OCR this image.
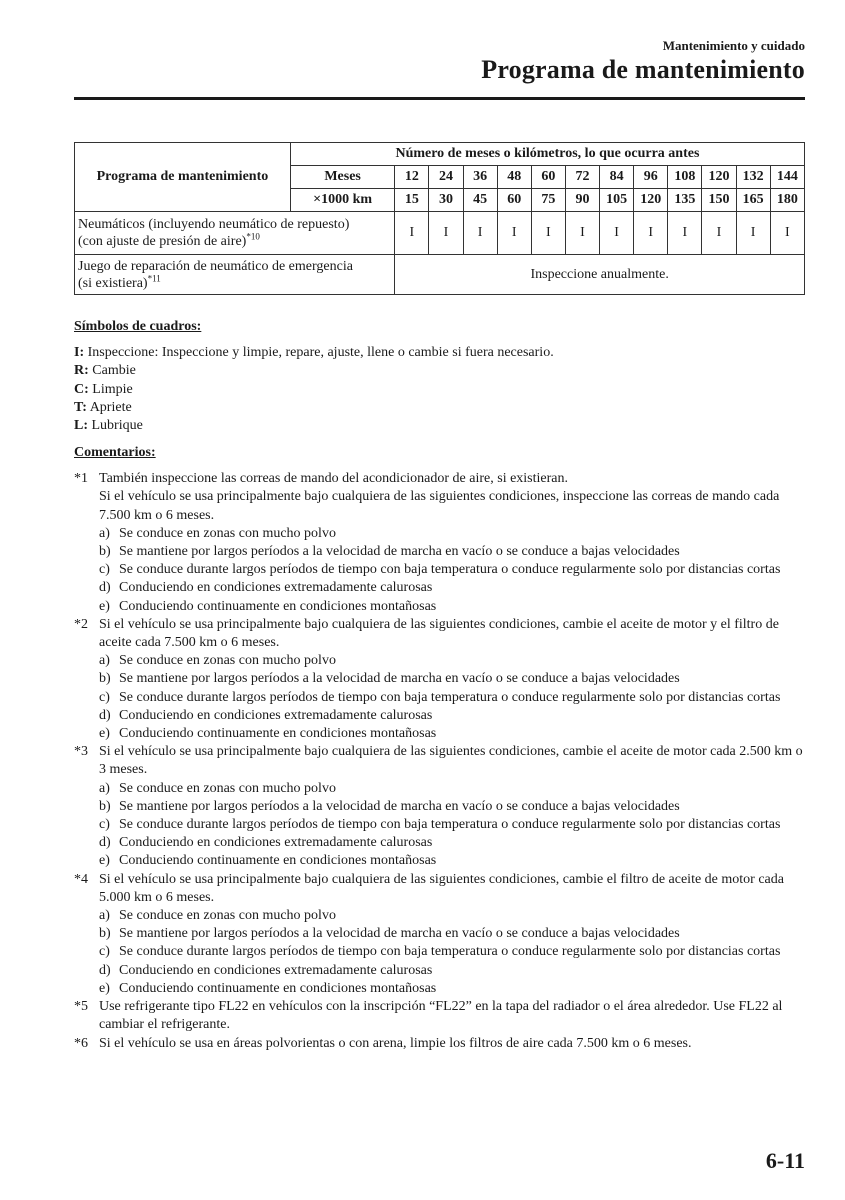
Mantenimiento y cuidado
Programa de mantenimiento
Programa de mantenimiento	Número de meses o kilómetros, lo que ocurra antes												
	Meses	12	24	36	48	60	72	84	96	108	120	132	144
	×1000 km	15	30	45	60	75	90	105	120	135	150	165	180
Neumáticos (incluyendo neumático de repuesto)
(con ajuste de presión de aire)$^{*10}$		I	I	I	I	I	I	I	I	I	I	I	I
Juego de reparación de neumático de emergencia
(si existiera)$^{*11}$		Inspeccione anualmente.											
Símbolos de cuadros:
I: Inspeccione: Inspeccione y limpie, repare, ajuste, llene o cambie si fuera necesario.
R: Cambie
C: Limpie
T: Apriete
L: Lubrique
Comentarios:
*1 También inspeccione las correas de mando del acondicionador de aire, si existieran.
Si el vehículo se usa principalmente bajo cualquiera de las siguientes condiciones, inspeccione las correas de mando cada 7.500 km o 6 meses.
a) Se conduce en zonas con mucho polvo
b) Se mantiene por largos períodos a la velocidad de marcha en vacío o se conduce a bajas velocidades
c) Se conduce durante largos períodos de tiempo con baja temperatura o conduce regularmente solo por distancias cortas
d) Conduciendo en condiciones extremadamente calurosas
e) Conduciendo continuamente en condiciones montañosas
*2 Si el vehículo se usa principalmente bajo cualquiera de las siguientes condiciones, cambie el aceite de motor y el filtro de aceite cada 7.500 km o 6 meses.
a) Se conduce en zonas con mucho polvo
b) Se mantiene por largos períodos a la velocidad de marcha en vacío o se conduce a bajas velocidades
c) Se conduce durante largos períodos de tiempo con baja temperatura o conduce regularmente solo por distancias cortas
d) Conduciendo en condiciones extremadamente calurosas
e) Conduciendo continuamente en condiciones montañosas
*3 Si el vehículo se usa principalmente bajo cualquiera de las siguientes condiciones, cambie el aceite de motor cada 2.500 km o 3 meses.
a) Se conduce en zonas con mucho polvo
b) Se mantiene por largos períodos a la velocidad de marcha en vacío o se conduce a bajas velocidades
c) Se conduce durante largos períodos de tiempo con baja temperatura o conduce regularmente solo por distancias cortas
d) Conduciendo en condiciones extremadamente calurosas
e) Conduciendo continuamente en condiciones montañosas
*4 Si el vehículo se usa principalmente bajo cualquiera de las siguientes condiciones, cambie el filtro de aceite de motor cada 5.000 km o 6 meses.
a) Se conduce en zonas con mucho polvo
b) Se mantiene por largos períodos a la velocidad de marcha en vacío o se conduce a bajas velocidades
c) Se conduce durante largos períodos de tiempo con baja temperatura o conduce regularmente solo por distancias cortas
d) Conduciendo en condiciones extremadamente calurosas
e) Conduciendo continuamente en condiciones montañosas
*5 Use refrigerante tipo FL22 en vehículos con la inscripción “FL22” en la tapa del radiador o el área alrededor. Use FL22 al cambiar el refrigerante.
*6 Si el vehículo se usa en áreas polvorientas o con arena, limpie los filtros de aire cada 7.500 km o 6 meses.
6-11
